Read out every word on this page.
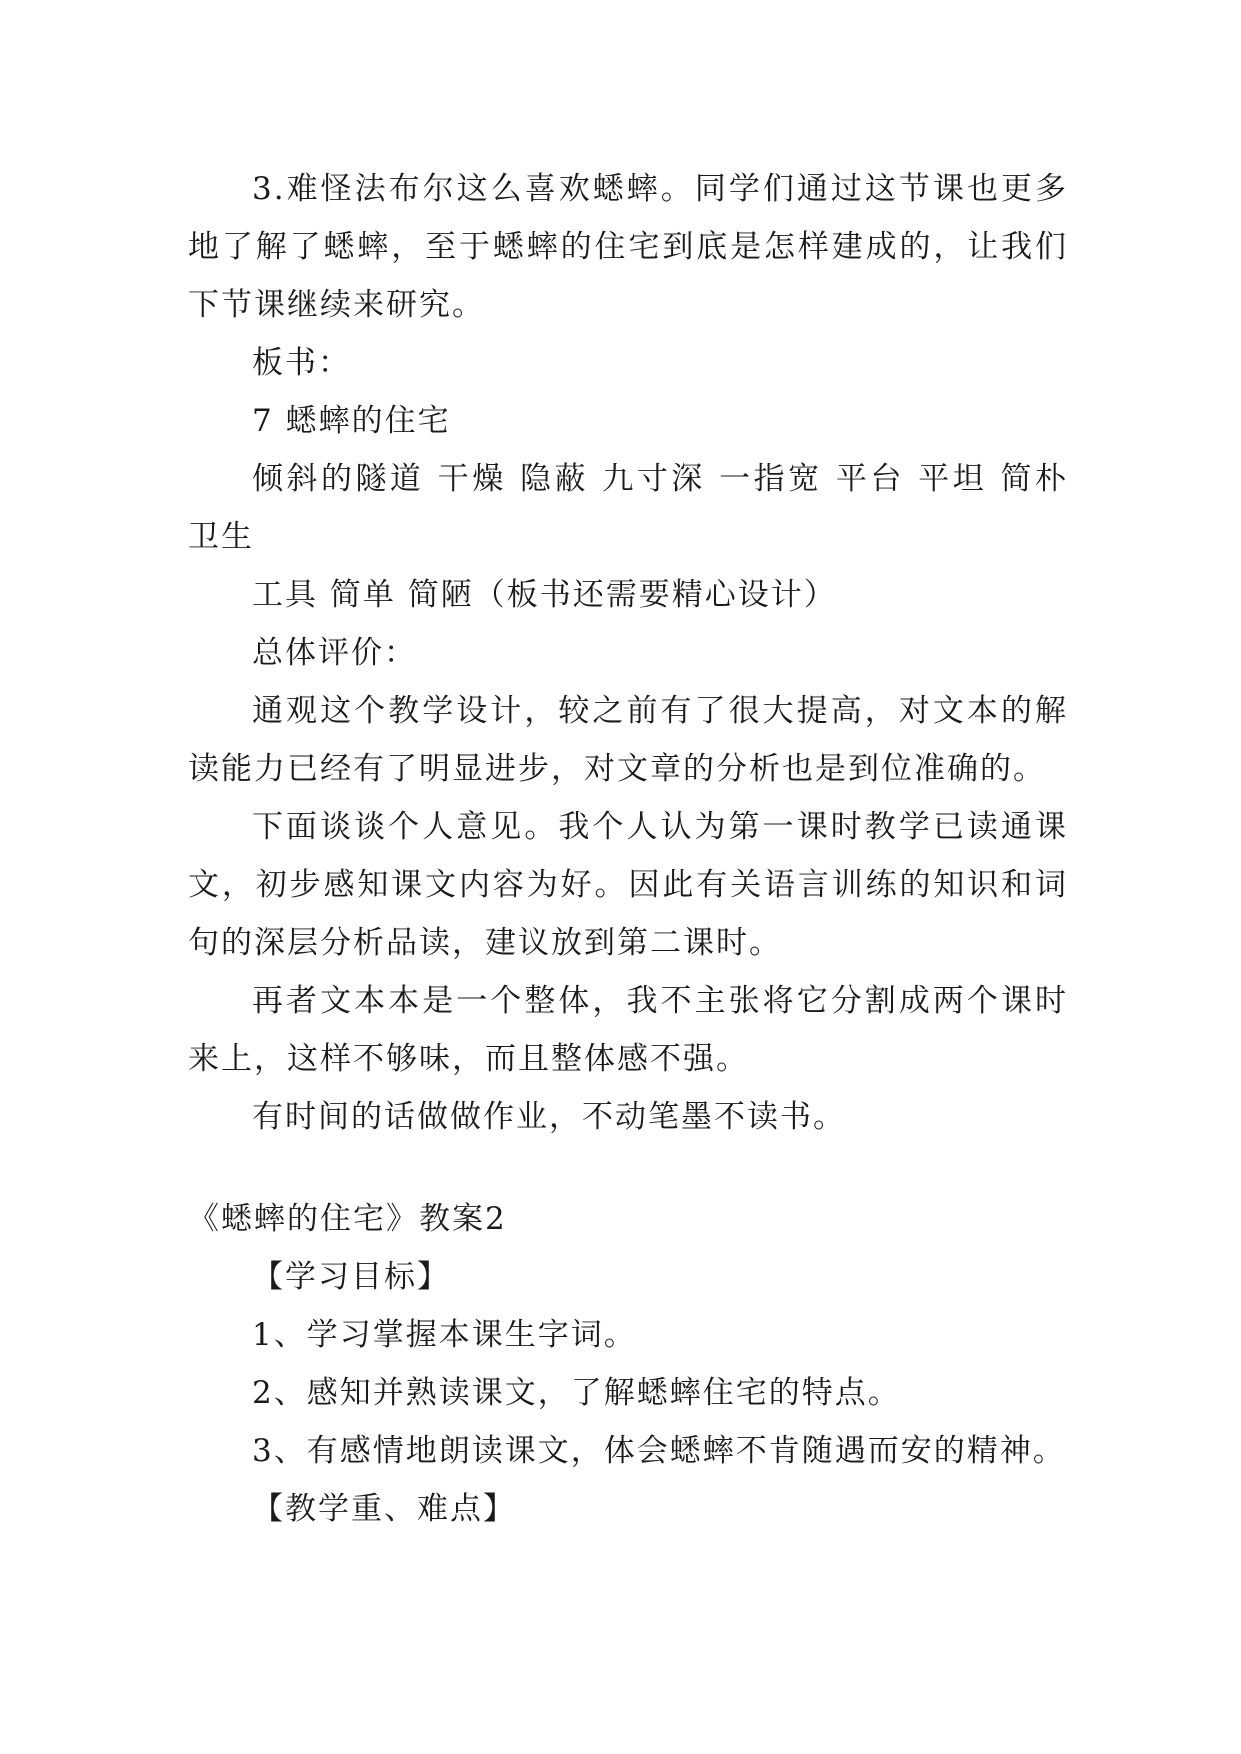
3.难怪法布尔这么喜欢蟋蟀。同学们通过这节课也更多地了解了蟋蟀，至于蟋蟀的住宅到底是怎样建成的，让我们下节课继续来研究。

板书：

7 蟋蟀的住宅

倾斜的隧道 干燥 隐蔽 九寸深 一指宽 平台 平坦 简朴 卫生

工具 简单 简陋（板书还需要精心设计）

总体评价：

通观这个教学设计，较之前有了很大提高，对文本的解读能力已经有了明显进步，对文章的分析也是到位准确的。

下面谈谈个人意见。我个人认为第一课时教学已读通课文，初步感知课文内容为好。因此有关语言训练的知识和词句的深层分析品读，建议放到第二课时。

再者文本本是一个整体，我不主张将它分割成两个课时来上，这样不够味，而且整体感不强。

有时间的话做做作业，不动笔墨不读书。

《蟋蟀的住宅》教案2

【学习目标】

1、学习掌握本课生字词。

2、感知并熟读课文，了解蟋蟀住宅的特点。

3、有感情地朗读课文，体会蟋蟀不肯随遇而安的精神。

【教学重、难点】
